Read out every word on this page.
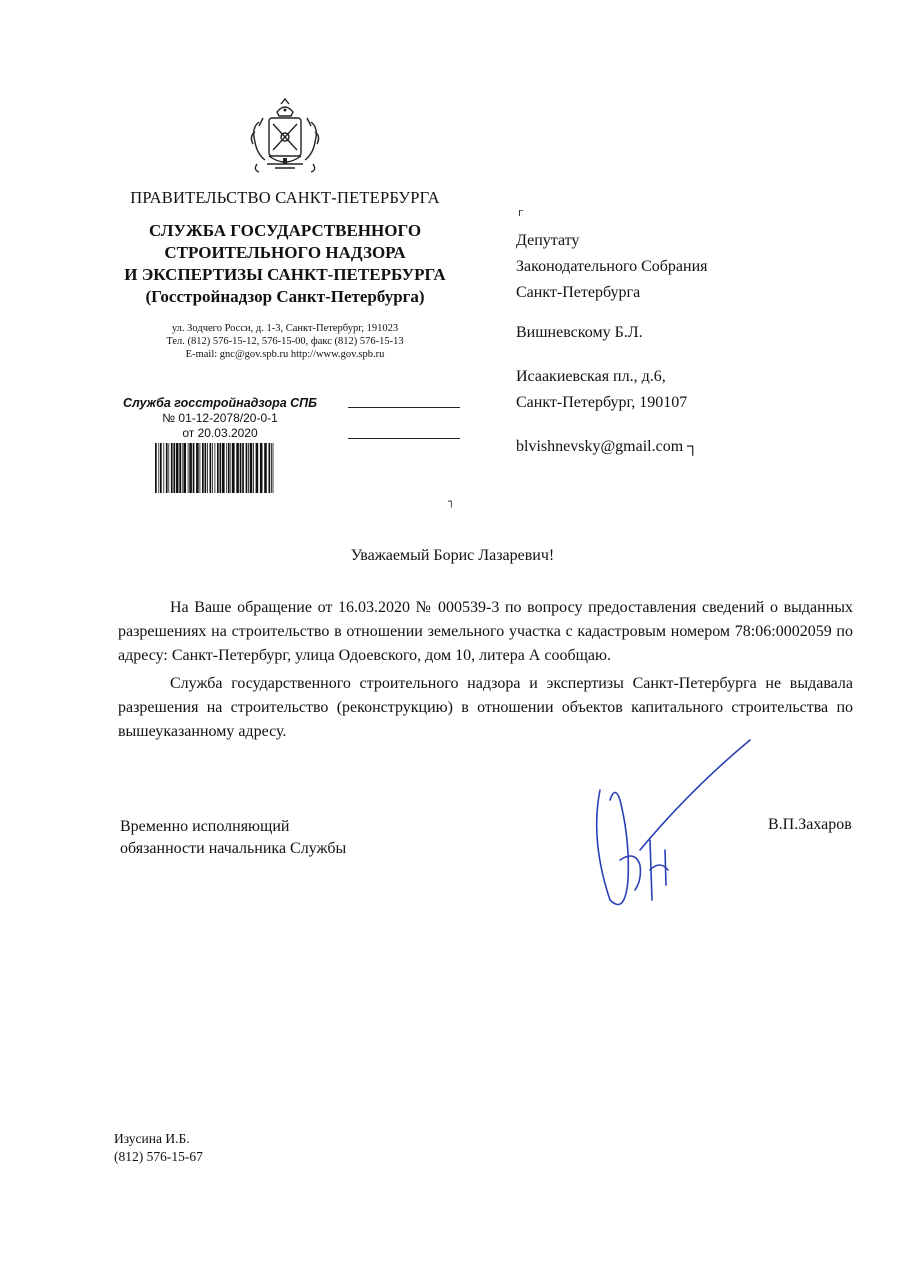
ПРАВИТЕЛЬСТВО САНКТ-ПЕТЕРБУРГА
СЛУЖБА ГОСУДАРСТВЕННОГО
СТРОИТЕЛЬНОГО НАДЗОРА
И ЭКСПЕРТИЗЫ САНКТ-ПЕТЕРБУРГА
(Госстройнадзор Санкт-Петербурга)
ул. Зодчего Росси, д. 1-3, Санкт-Петербург, 191023
Тел. (812) 576-15-12, 576-15-00, факс (812) 576-15-13
E-mail: gnc@gov.spb.ru http://www.gov.spb.ru
Служба госстройнадзора СПБ
№ 01-12-2078/20-0-1
от 20.03.2020
г
┐
Депутату
Законодательного Собрания
Санкт-Петербурга
Вишневскому Б.Л.
Исаакиевская пл., д.6,
Санкт-Петербург, 190107
blvishnevsky@gmail.com ┐
Уважаемый Борис Лазаревич!

На Ваше обращение от 16.03.2020 № 000539-3 по вопросу предоставления сведений о выданных разрешениях на строительство в отношении земельного участка с кадастровым номером 78:06:0002059 по адресу: Санкт-Петербург, улица Одоевского, дом 10, литера А сообщаю.

Служба государственного строительного надзора и экспертизы Санкт-Петербурга не выдавала разрешения на строительство (реконструкцию) в отношении объектов капитального строительства по вышеуказанному адресу.

Временно исполняющий
обязанности начальника Службы
В.П.Захаров
Изусина И.Б.
(812) 576-15-67
